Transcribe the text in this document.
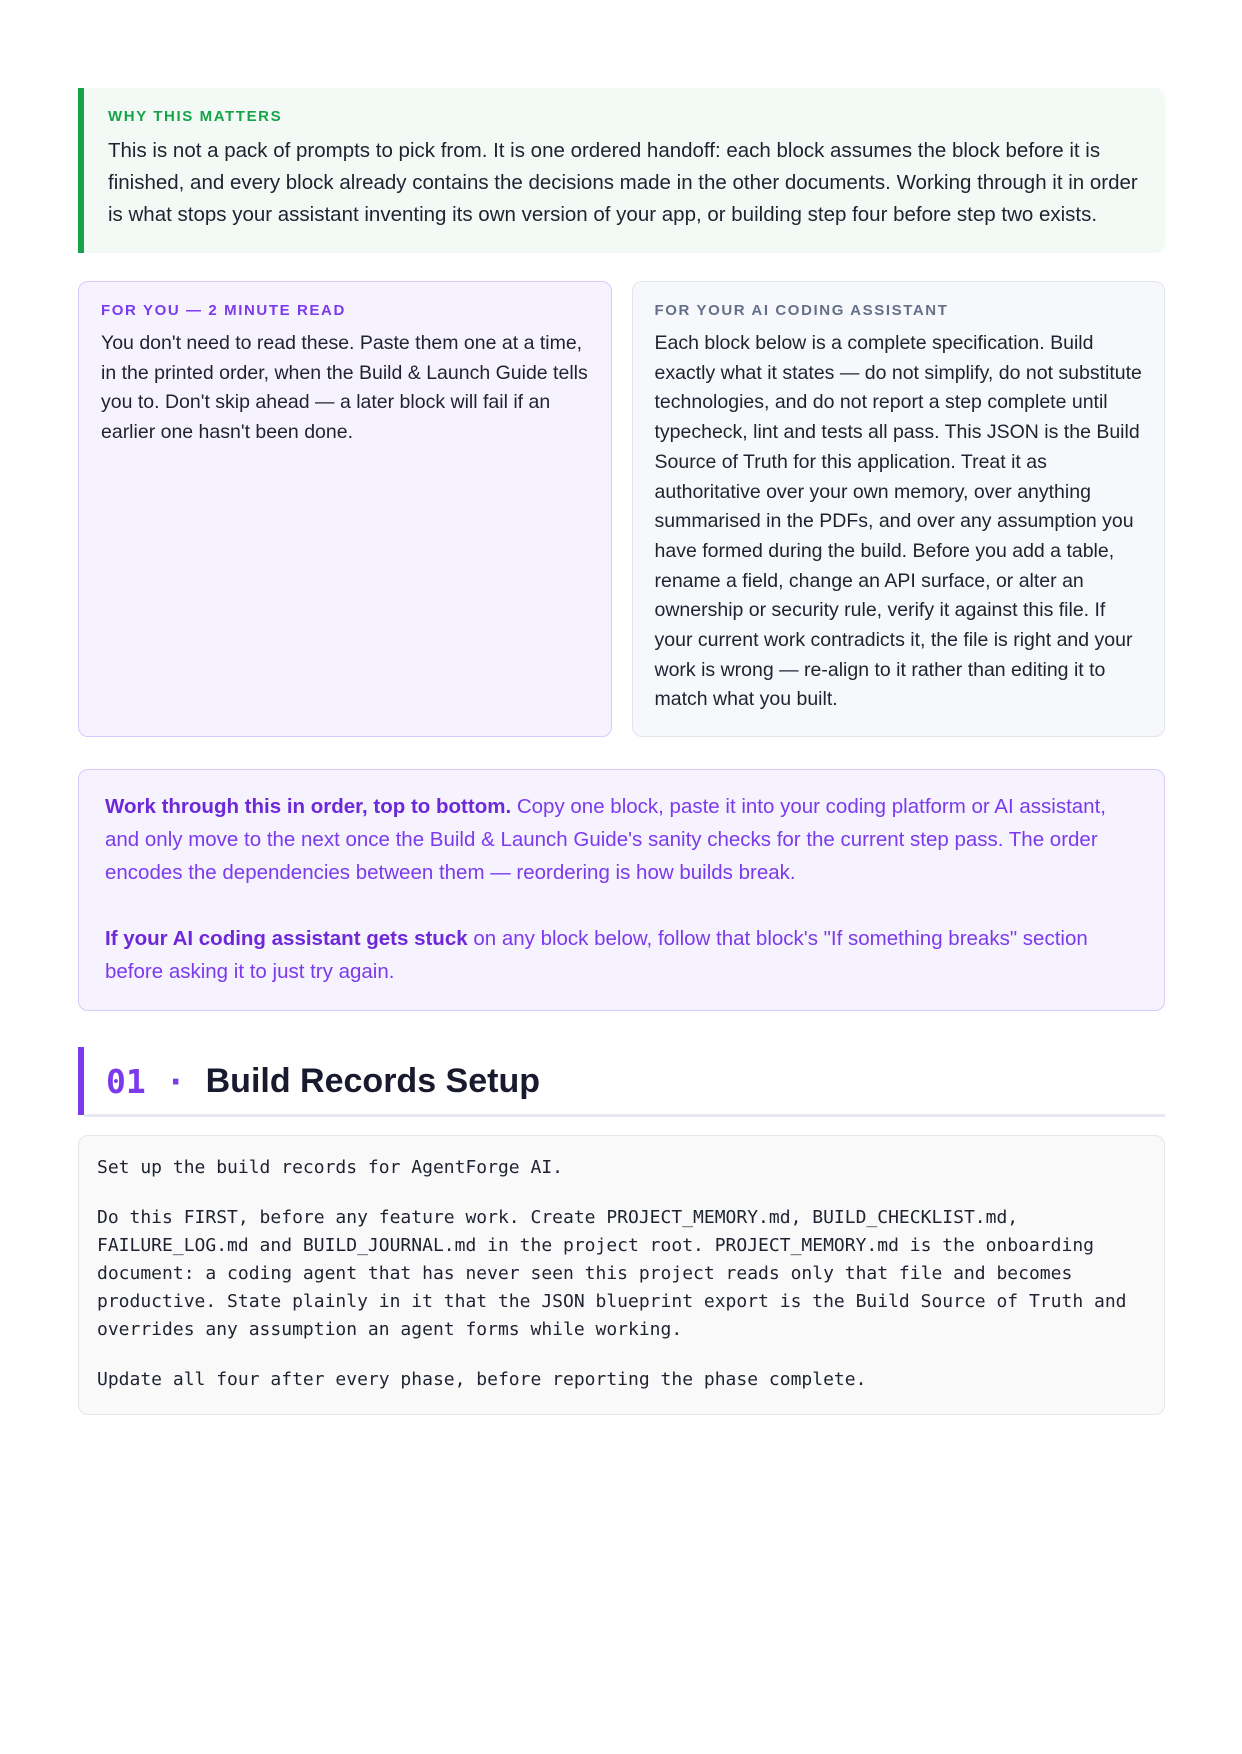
WHY THIS MATTERS

This is not a pack of prompts to pick from. It is one ordered handoff: each block assumes the block before it is finished, and every block already contains the decisions made in the other documents. Working through it in order is what stops your assistant inventing its own version of your app, or building step four before step two exists.

FOR YOU — 2 MINUTE READ

You don't need to read these. Paste them one at a time, in the printed order, when the Build & Launch Guide tells you to. Don't skip ahead — a later block will fail if an earlier one hasn't been done.

FOR YOUR AI CODING ASSISTANT

Each block below is a complete specification. Build exactly what it states — do not simplify, do not substitute technologies, and do not report a step complete until typecheck, lint and tests all pass. This JSON is the Build Source of Truth for this application. Treat it as authoritative over your own memory, over anything summarised in the PDFs, and over any assumption you have formed during the build. Before you add a table, rename a field, change an API surface, or alter an ownership or security rule, verify it against this file. If your current work contradicts it, the file is right and your work is wrong — re-align to it rather than editing it to match what you built.

Work through this in order, top to bottom. Copy one block, paste it into your coding platform or AI assistant, and only move to the next once the Build & Launch Guide's sanity checks for the current step pass. The order encodes the dependencies between them — reordering is how builds break.

If your AI coding assistant gets stuck on any block below, follow that block's "If something breaks" section before asking it to just try again.

01 · Build Records Setup
Set up the build records for AgentForge AI.
Do this FIRST, before any feature work. Create PROJECT_MEMORY.md, BUILD_CHECKLIST.md, FAILURE_LOG.md and BUILD_JOURNAL.md in the project root. PROJECT_MEMORY.md is the onboarding document: a coding agent that has never seen this project reads only that file and becomes productive. State plainly in it that the JSON blueprint export is the Build Source of Truth and overrides any assumption an agent forms while working.
Update all four after every phase, before reporting the phase complete.
